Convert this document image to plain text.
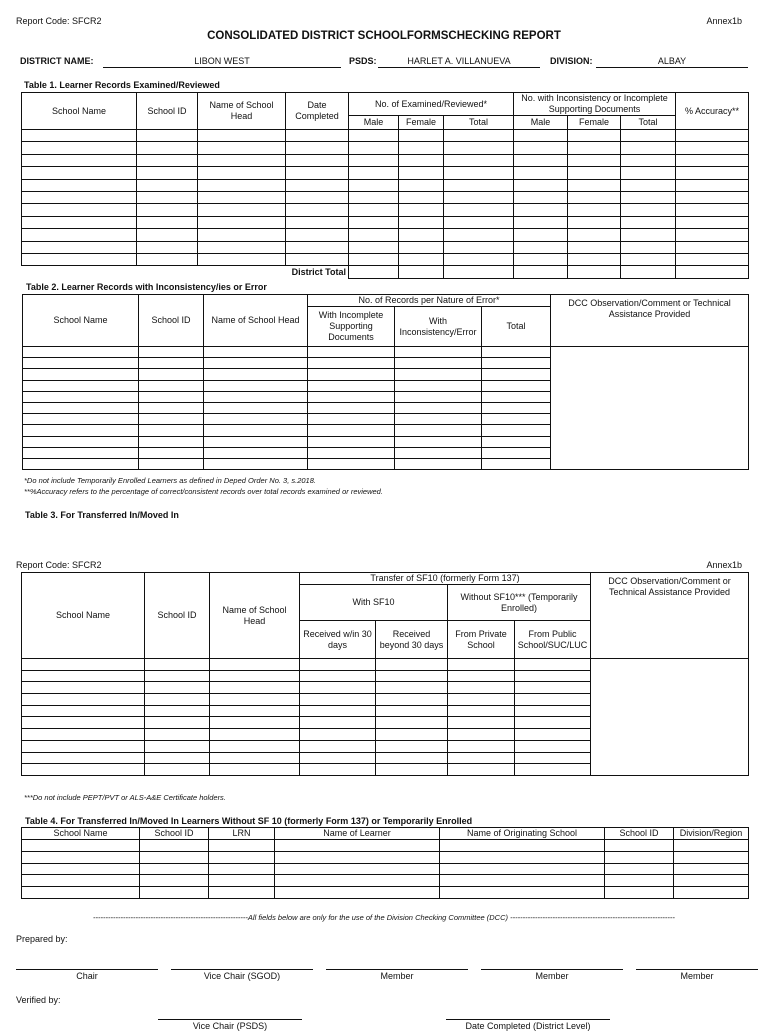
Report Code: SFCR2	Annex1b
CONSOLIDATED DISTRICT SCHOOLFORMSCHECKING REPORT
DISTRICT NAME:	LIBON WEST	PSDS:	HARLET A. VILLANUEVA	DIVISION:	ALBAY
Table 1. Learner Records Examined/Reviewed
School Name	School ID	Name of School Head	Date Completed	No. of Examined/Reviewed*			No. with Inconsistency or Incomplete Supporting Documents			% Accuracy**
				Male	Female	Total	Male	Female	Total	

			District Total							
Table 2. Learner Records with Inconsistency/ies or Error
School Name	School ID	Name of School Head	No. of Records per Nature of Error*			DCC Observation/Comment or Technical Assistance Provided
			With Incomplete Supporting Documents	With Inconsistency/Error	Total	

*Do not include Temporarily Enrolled Learners as defined in Deped Order No. 3, s.2018.
**%Accuracy refers to the percentage of correct/consistent records over total records examined or reviewed.
Table 3. For Transferred In/Moved In
Report Code: SFCR2	Annex1b
School Name	School ID	Name of School Head	Transfer of SF10 (formerly Form 137)				DCC Observation/Comment or Technical Assistance Provided
			With SF10		Without SF10*** (Temporarily Enrolled)		
			Received w/in 30 days	Received beyond 30 days	From Private School	From Public School/SUC/LUC	

***Do not include PEPT/PVT or ALS-A&E Certificate holders.
Table 4. For Transferred In/Moved In Learners Without SF 10 (formerly Form 137) or Temporarily Enrolled
School Name	School ID	LRN	Name of Learner	Name of Originating School	School ID	Division/Region

--------------------------------------------------------------All fields below are only for the use of the Division Checking Committee (DCC) ------------------------------------------------------------------
Prepared by:
Chair	Vice Chair (SGOD)	Member	Member	Member
Verified by:
Vice Chair (PSDS)	Date Completed (District Level)
